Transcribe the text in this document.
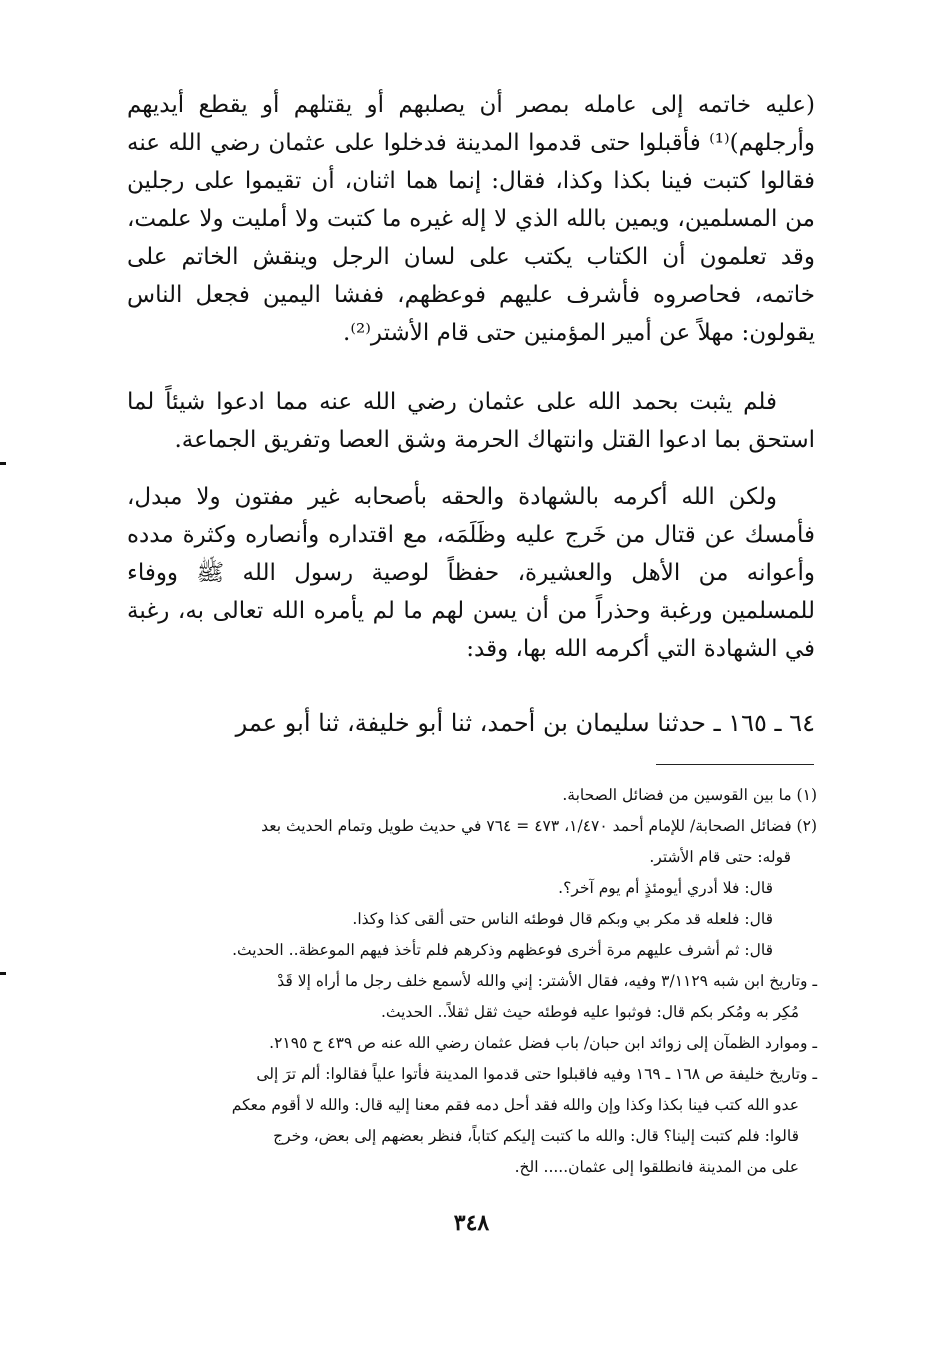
(عليه خاتمه إلى عامله بمصر أن يصلبهم أو يقتلهم أو يقطع أيديهم وأرجلهم)⁽¹⁾ فأقبلوا حتى قدموا المدينة فدخلوا على عثمان رضي الله عنه فقالوا كتبت فينا بكذا وكذا، فقال: إنما هما اثنان، أن تقيموا على رجلين من المسلمين، ويمين بالله الذي لا إله غيره ما كتبت ولا أمليت ولا علمت، وقد تعلمون أن الكتاب يكتب على لسان الرجل وينقش الخاتم على خاتمه، فحاصروه فأشرف عليهم فوعظهم، ففشا اليمين فجعل الناس يقولون: مهلاً عن أمير المؤمنين حتى قام الأشتر⁽²⁾.

فلم يثبت بحمد الله على عثمان رضي الله عنه مما ادعوا شيئاً لما استحق بما ادعوا القتل وانتهاك الحرمة وشق العصا وتفريق الجماعة.

ولكن الله أكرمه بالشهادة والحقه بأصحابه غير مفتون ولا مبدل، فأمسك عن قتال من خَرج عليه وظَلَمَه، مع اقتداره وأنصاره وكثرة مدده وأعوانه من الأهل والعشيرة، حفظاً لوصية رسول الله ﷺ ووفاء للمسلمين ورغبة وحذراً من أن يسن لهم ما لم يأمره الله تعالى به، رغبة في الشهادة التي أكرمه الله بها، وقد:

٦٤ ـ ١٦٥ ـ حدثنا سليمان بن أحمد، ثنا أبو خليفة، ثنا أبو عمر

(١) ما بين القوسين من فضائل الصحابة.

(٢) فضائل الصحابة/ للإمام أحمد ١/٤٧٠، ٤٧٣ = ٧٦٤ في حديث طويل وتمام الحديث بعد

قوله: حتى قام الأشتر.

قال: فلا أدري أيومئذٍ أم يوم آخر؟.

قال: فلعله قد مكر بي وبكم قال فوطئه الناس حتى ألقى كذا وكذا.

قال: ثم أشرف عليهم مرة أخرى فوعظهم وذكرهم فلم تأخذ فيهم الموعظة.. الحديث.

ـ وتاريخ ابن شبه ٣/١١٢٩ وفيه، فقال الأشتر: إني والله لأسمع خلف رجل ما أراه إلا قَدْ

مُكِر به ومُكر بكم قال: فوثبوا عليه فوطئه حيث ثقل ثقلاً.. الحديث.

ـ وموارد الظمآن إلى زوائد ابن حبان/ باب فضل عثمان رضي الله عنه ص ٤٣٩ ح ٢١٩٥.

ـ وتاريخ خليفة ص ١٦٨ ـ ١٦٩ وفيه فاقبلوا حتى قدموا المدينة فأتوا علياً فقالوا: ألم ترَ إلى

عدو الله كتب فينا بكذا وكذا وإن والله فقد أحل دمه فقم معنا إليه قال: والله لا أقوم معكم

قالوا: فلم كتبت إلينا؟ قال: والله ما كتبت إليكم كتاباً، فنظر بعضهم إلى بعض، وخرج

على من المدينة فانطلقوا إلى عثمان..... الخ.

٣٤٨
